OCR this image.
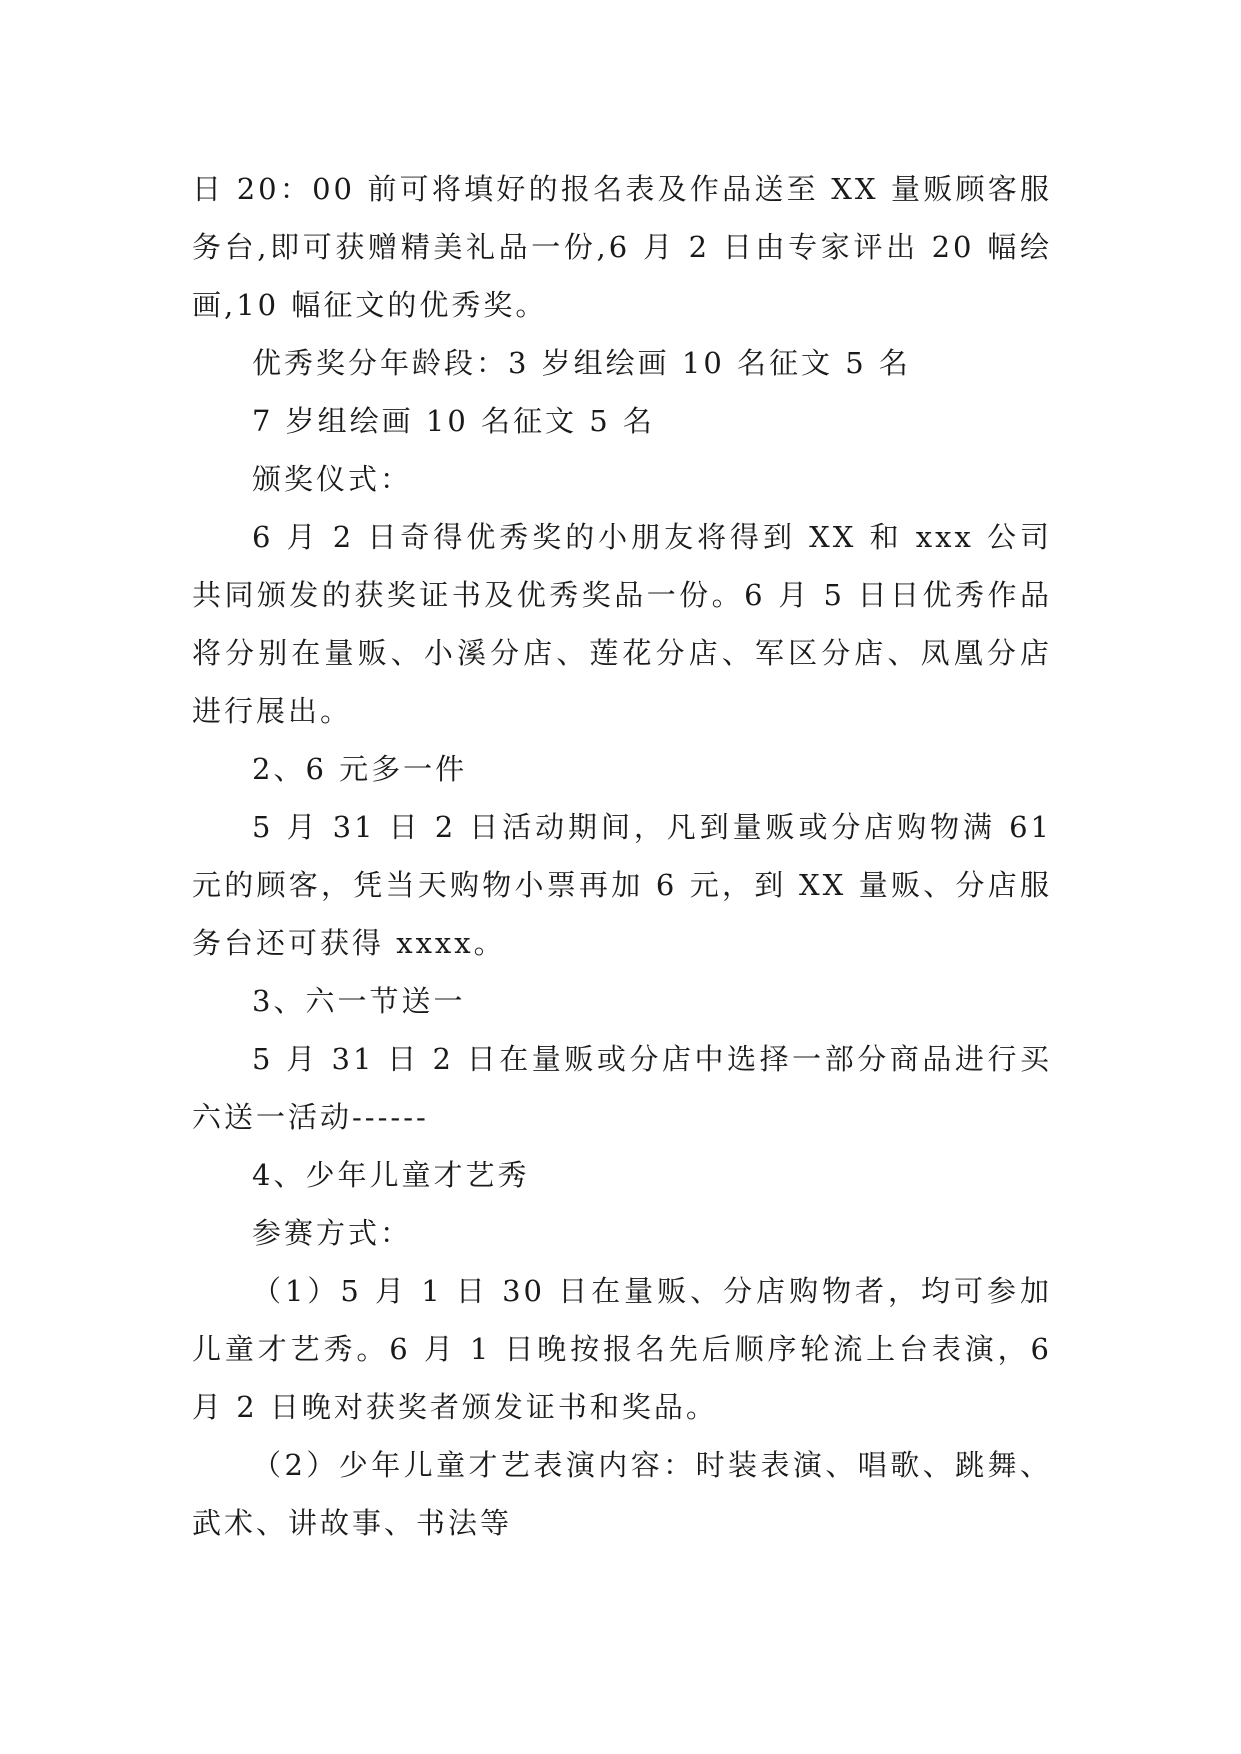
日 20：00 前可将填好的报名表及作品送至 XX 量贩顾客服务台,即可获赠精美礼品一份,6 月 2 日由专家评出 20 幅绘画,10 幅征文的优秀奖。

优秀奖分年龄段：3 岁组绘画 10 名征文 5 名

7 岁组绘画 10 名征文 5 名

颁奖仪式：

6 月 2 日奇得优秀奖的小朋友将得到 XX 和 xxx 公司共同颁发的获奖证书及优秀奖品一份。6 月 5 日日优秀作品将分别在量贩、小溪分店、莲花分店、军区分店、凤凰分店进行展出。

2、6 元多一件

5 月 31 日 2 日活动期间，凡到量贩或分店购物满 61 元的顾客，凭当天购物小票再加 6 元，到 XX 量贩、分店服务台还可获得 xxxx。

3、六一节送一

5 月 31 日 2 日在量贩或分店中选择一部分商品进行买六送一活动------

4、少年儿童才艺秀

参赛方式：

（1）5 月 1 日 30 日在量贩、分店购物者，均可参加儿童才艺秀。6 月 1 日晚按报名先后顺序轮流上台表演，6 月 2 日晚对获奖者颁发证书和奖品。

（2）少年儿童才艺表演内容：时装表演、唱歌、跳舞、武术、讲故事、书法等
